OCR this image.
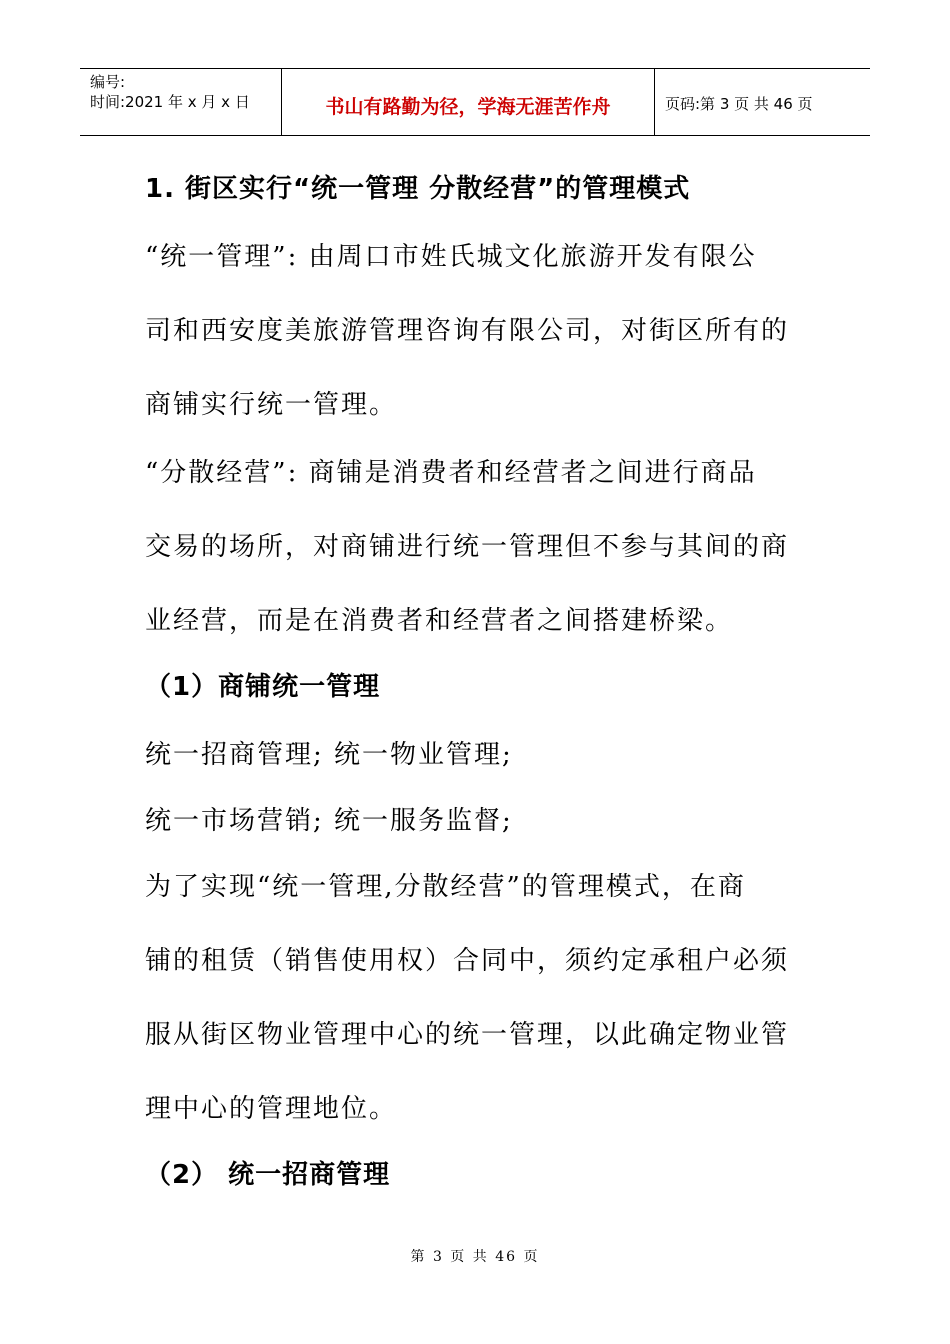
编号:
时间:2021 年 x 月 x 日	书山有路勤为径，学海无涯苦作舟	页码:第 3 页 共 46 页
1. 街区实行“统一管理 分散经营”的管理模式
“统一管理”: 由周口市姓氏城文化旅游开发有限公
司和西安度美旅游管理咨询有限公司，对街区所有的
商铺实行统一管理。
“分散经营”: 商铺是消费者和经营者之间进行商品
交易的场所，对商铺进行统一管理但不参与其间的商
业经营，而是在消费者和经营者之间搭建桥梁。
（1）商铺统一管理
统一招商管理; 统一物业管理;
统一市场营销; 统一服务监督;
为了实现“统一管理,分散经营”的管理模式，在商
铺的租赁（销售使用权）合同中，须约定承租户必须
服从街区物业管理中心的统一管理，以此确定物业管
理中心的管理地位。
（2） 统一招商管理
第 3 页 共 46 页
